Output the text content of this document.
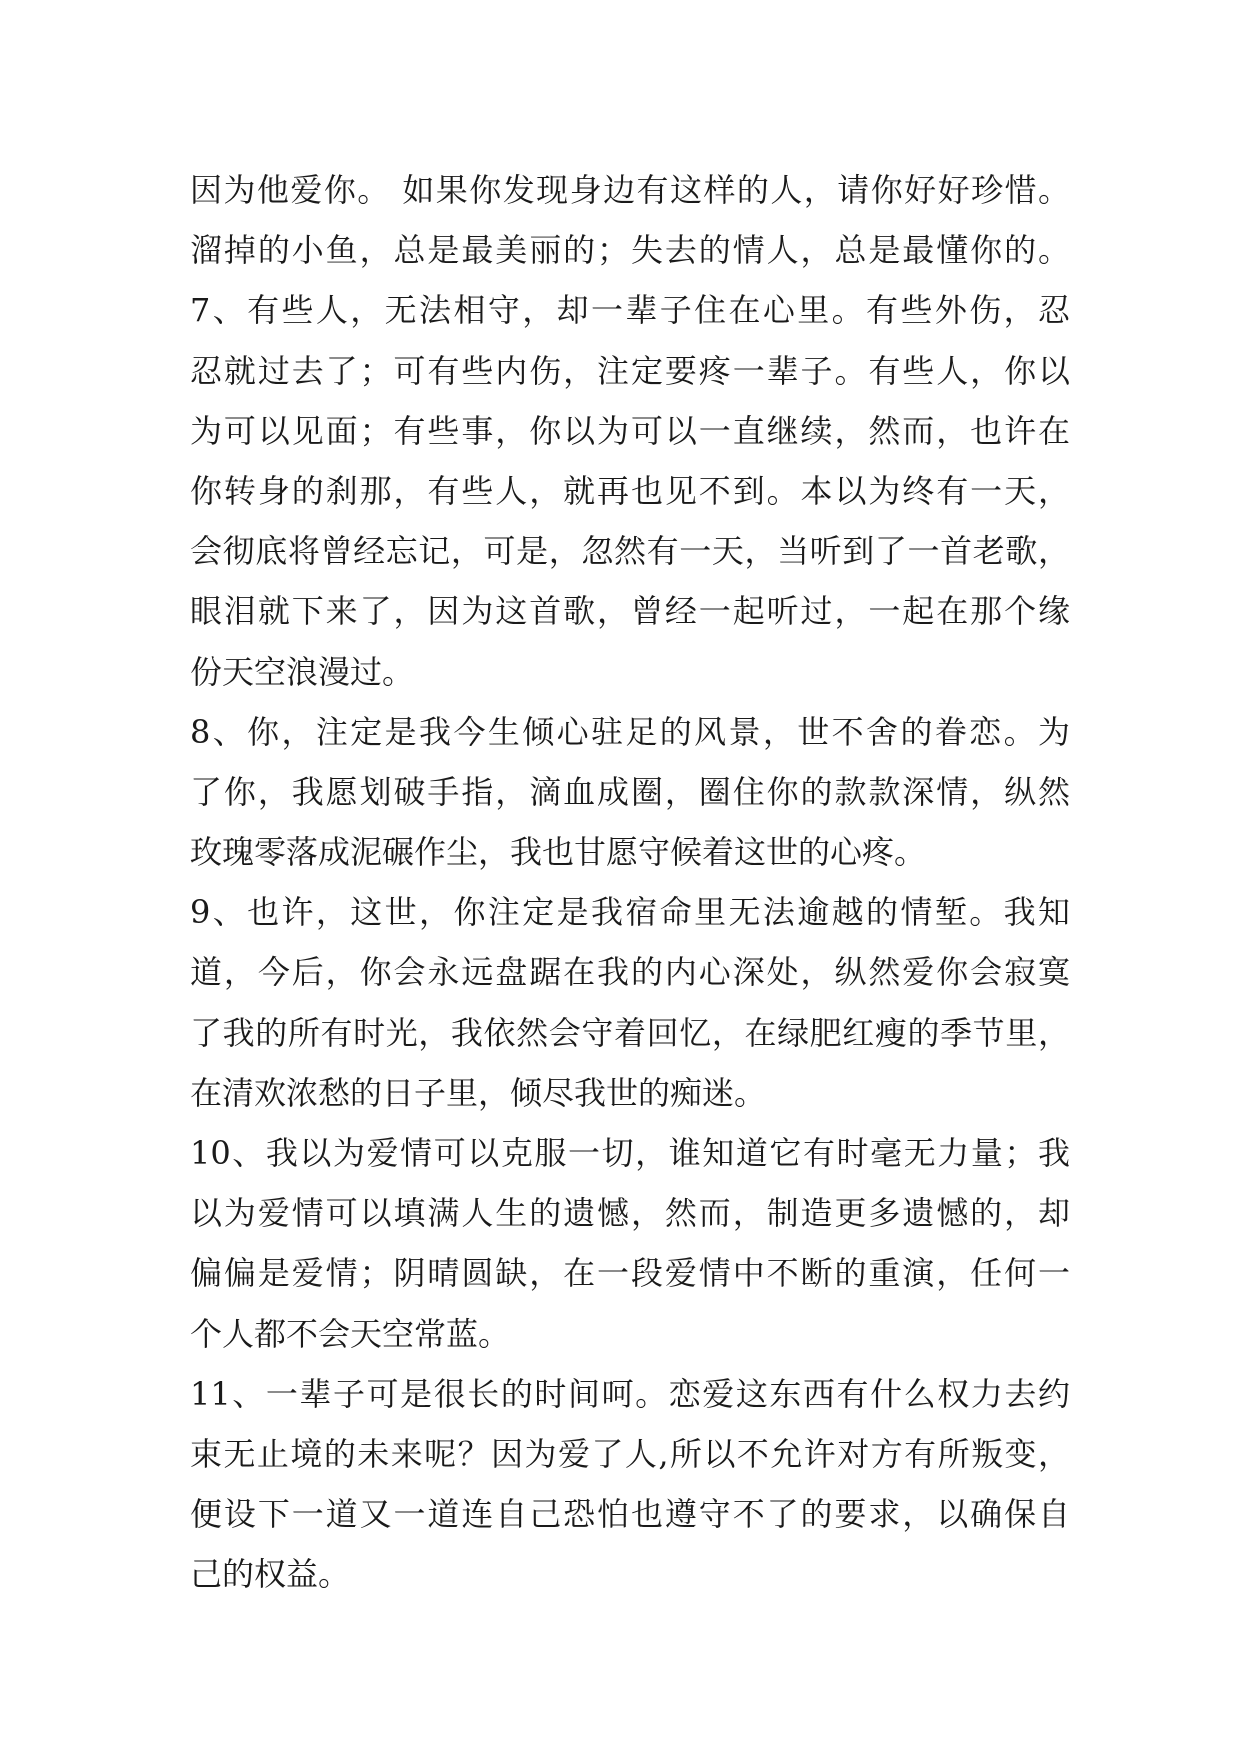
因为他爱你。 如果你发现身边有这样的人，请你好好珍惜。
溜掉的小鱼，总是最美丽的；失去的情人，总是最懂你的。
7、有些人，无法相守，却一辈子住在心里。有些外伤，忍
忍就过去了；可有些内伤，注定要疼一辈子。有些人，你以
为可以见面；有些事，你以为可以一直继续，然而，也许在
你转身的刹那，有些人，就再也见不到。本以为终有一天，
会彻底将曾经忘记，可是，忽然有一天，当听到了一首老歌，
眼泪就下来了，因为这首歌，曾经一起听过，一起在那个缘
份天空浪漫过。
8、你，注定是我今生倾心驻足的风景，世不舍的眷恋。为
了你，我愿划破手指，滴血成圈，圈住你的款款深情，纵然
玫瑰零落成泥碾作尘，我也甘愿守候着这世的心疼。
9、也许，这世，你注定是我宿命里无法逾越的情堑。我知
道，今后，你会永远盘踞在我的内心深处，纵然爱你会寂寞
了我的所有时光，我依然会守着回忆，在绿肥红瘦的季节里，
在清欢浓愁的日子里，倾尽我世的痴迷。
10、我以为爱情可以克服一切，谁知道它有时毫无力量；我
以为爱情可以填满人生的遗憾，然而，制造更多遗憾的，却
偏偏是爱情；阴晴圆缺，在一段爱情中不断的重演，任何一
个人都不会天空常蓝。
11、一辈子可是很长的时间呵。恋爱这东西有什么权力去约
束无止境的未来呢？因为爱了人,所以不允许对方有所叛变，
便设下一道又一道连自己恐怕也遵守不了的要求，以确保自
己的权益。
